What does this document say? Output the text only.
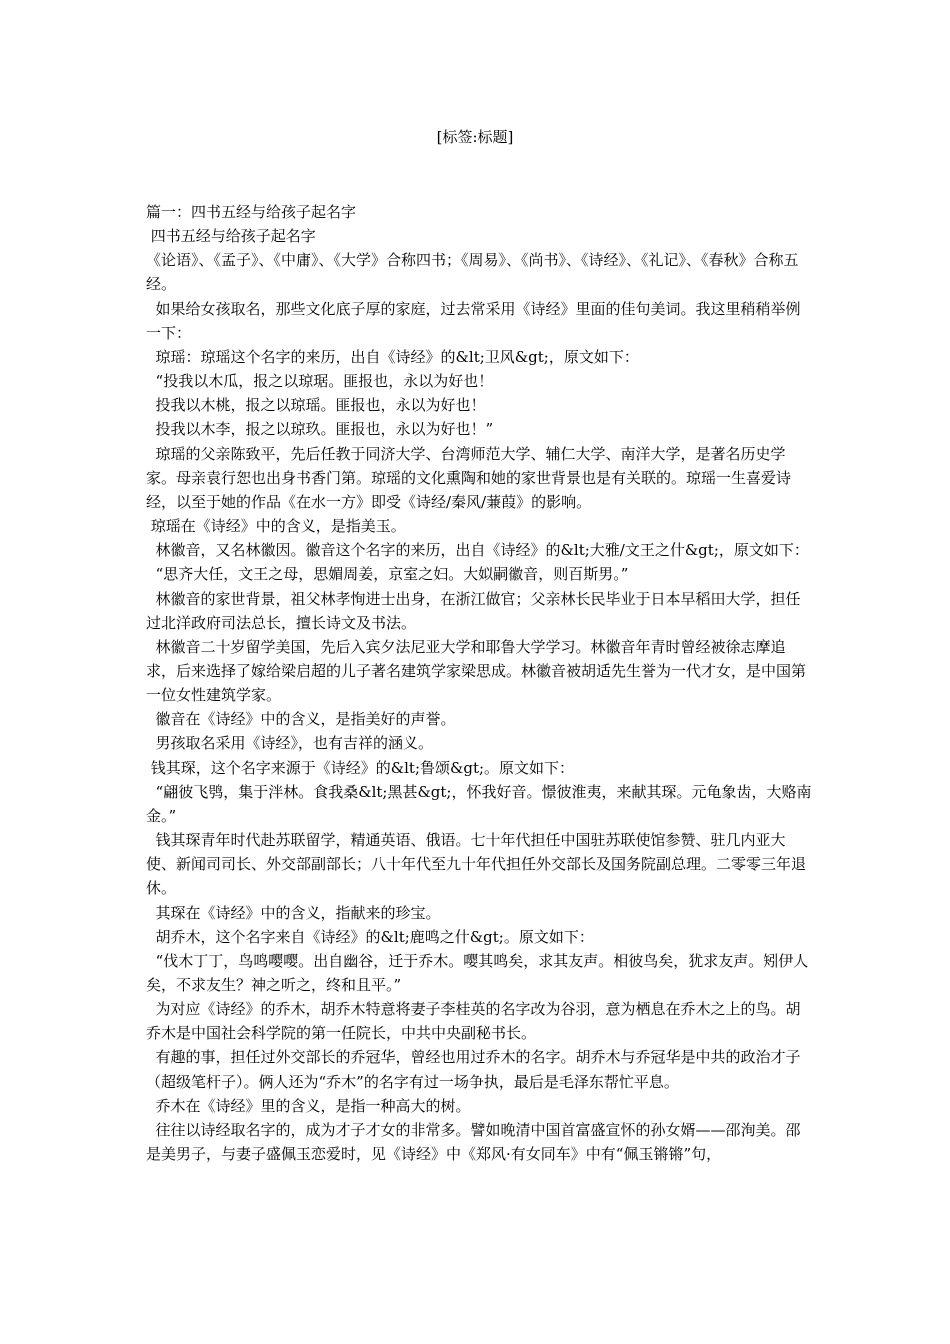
[标签:标题]

篇一：四书五经与给孩子起名字

四书五经与给孩子起名字

《论语》、《孟子》、《中庸》、《大学》合称四书；《周易》、《尚书》、《诗经》、《礼记》、《春秋》合称五经。

如果给女孩取名，那些文化底子厚的家庭，过去常采用《诗经》里面的佳句美词。我这里稍稍举例一下：

琼瑶：琼瑶这个名字的来历，出自《诗经》的&lt;卫风&gt;，原文如下：

“投我以木瓜，报之以琼琚。匪报也，永以为好也！

投我以木桃，报之以琼瑶。匪报也，永以为好也！

投我以木李，报之以琼玖。匪报也，永以为好也！”

琼瑶的父亲陈致平，先后任教于同济大学、台湾师范大学、辅仁大学、南洋大学，是著名历史学家。母亲袁行恕也出身书香门第。琼瑶的文化熏陶和她的家世背景也是有关联的。琼瑶一生喜爱诗经，以至于她的作品《在水一方》即受《诗经/秦风/蒹葭》的影响。

琼瑶在《诗经》中的含义，是指美玉。

林徽音，又名林徽因。徽音这个名字的来历，出自《诗经》的&lt;大雅/文王之什&gt;，原文如下：

“思齐大任，文王之母，思媚周姜，京室之妇。大姒嗣徽音，则百斯男。”

林徽音的家世背景，祖父林孝恂进士出身，在浙江做官；父亲林长民毕业于日本早稻田大学，担任过北洋政府司法总长，擅长诗文及书法。

林徽音二十岁留学美国，先后入宾夕法尼亚大学和耶鲁大学学习。林徽音年青时曾经被徐志摩追求，后来选择了嫁给梁启超的儿子著名建筑学家梁思成。林徽音被胡适先生誉为一代才女，是中国第一位女性建筑学家。

徽音在《诗经》中的含义，是指美好的声誉。

男孩取名采用《诗经》，也有吉祥的涵义。

钱其琛，这个名字来源于《诗经》的&lt;鲁颂&gt;。原文如下：

“翩彼飞鸮，集于泮林。食我桑&lt;黑甚&gt;，怀我好音。憬彼淮夷，来献其琛。元龟象齿，大赂南金。”

钱其琛青年时代赴苏联留学，精通英语、俄语。七十年代担任中国驻苏联使馆参赞、驻几内亚大使、新闻司司长、外交部副部长；八十年代至九十年代担任外交部长及国务院副总理。二零零三年退休。

其琛在《诗经》中的含义，指献来的珍宝。

胡乔木，这个名字来自《诗经》的&lt;鹿鸣之什&gt;。原文如下：

“伐木丁丁，鸟鸣嘤嘤。出自幽谷，迁于乔木。嘤其鸣矣，求其友声。相彼鸟矣，犹求友声。矧伊人矣，不求友生？神之听之，终和且平。”

为对应《诗经》的乔木，胡乔木特意将妻子李桂英的名字改为谷羽，意为栖息在乔木之上的鸟。胡乔木是中国社会科学院的第一任院长，中共中央副秘书长。

有趣的事，担任过外交部长的乔冠华，曾经也用过乔木的名字。胡乔木与乔冠华是中共的政治才子（超级笔杆子）。俩人还为“乔木”的名字有过一场争执，最后是毛泽东帮忙平息。

乔木在《诗经》里的含义，是指一种高大的树。

往往以诗经取名字的，成为才子才女的非常多。譬如晚清中国首富盛宣怀的孙女婿——邵洵美。邵是美男子，与妻子盛佩玉恋爱时，见《诗经》中《郑风·有女同车》中有“佩玉锵锵”句，
